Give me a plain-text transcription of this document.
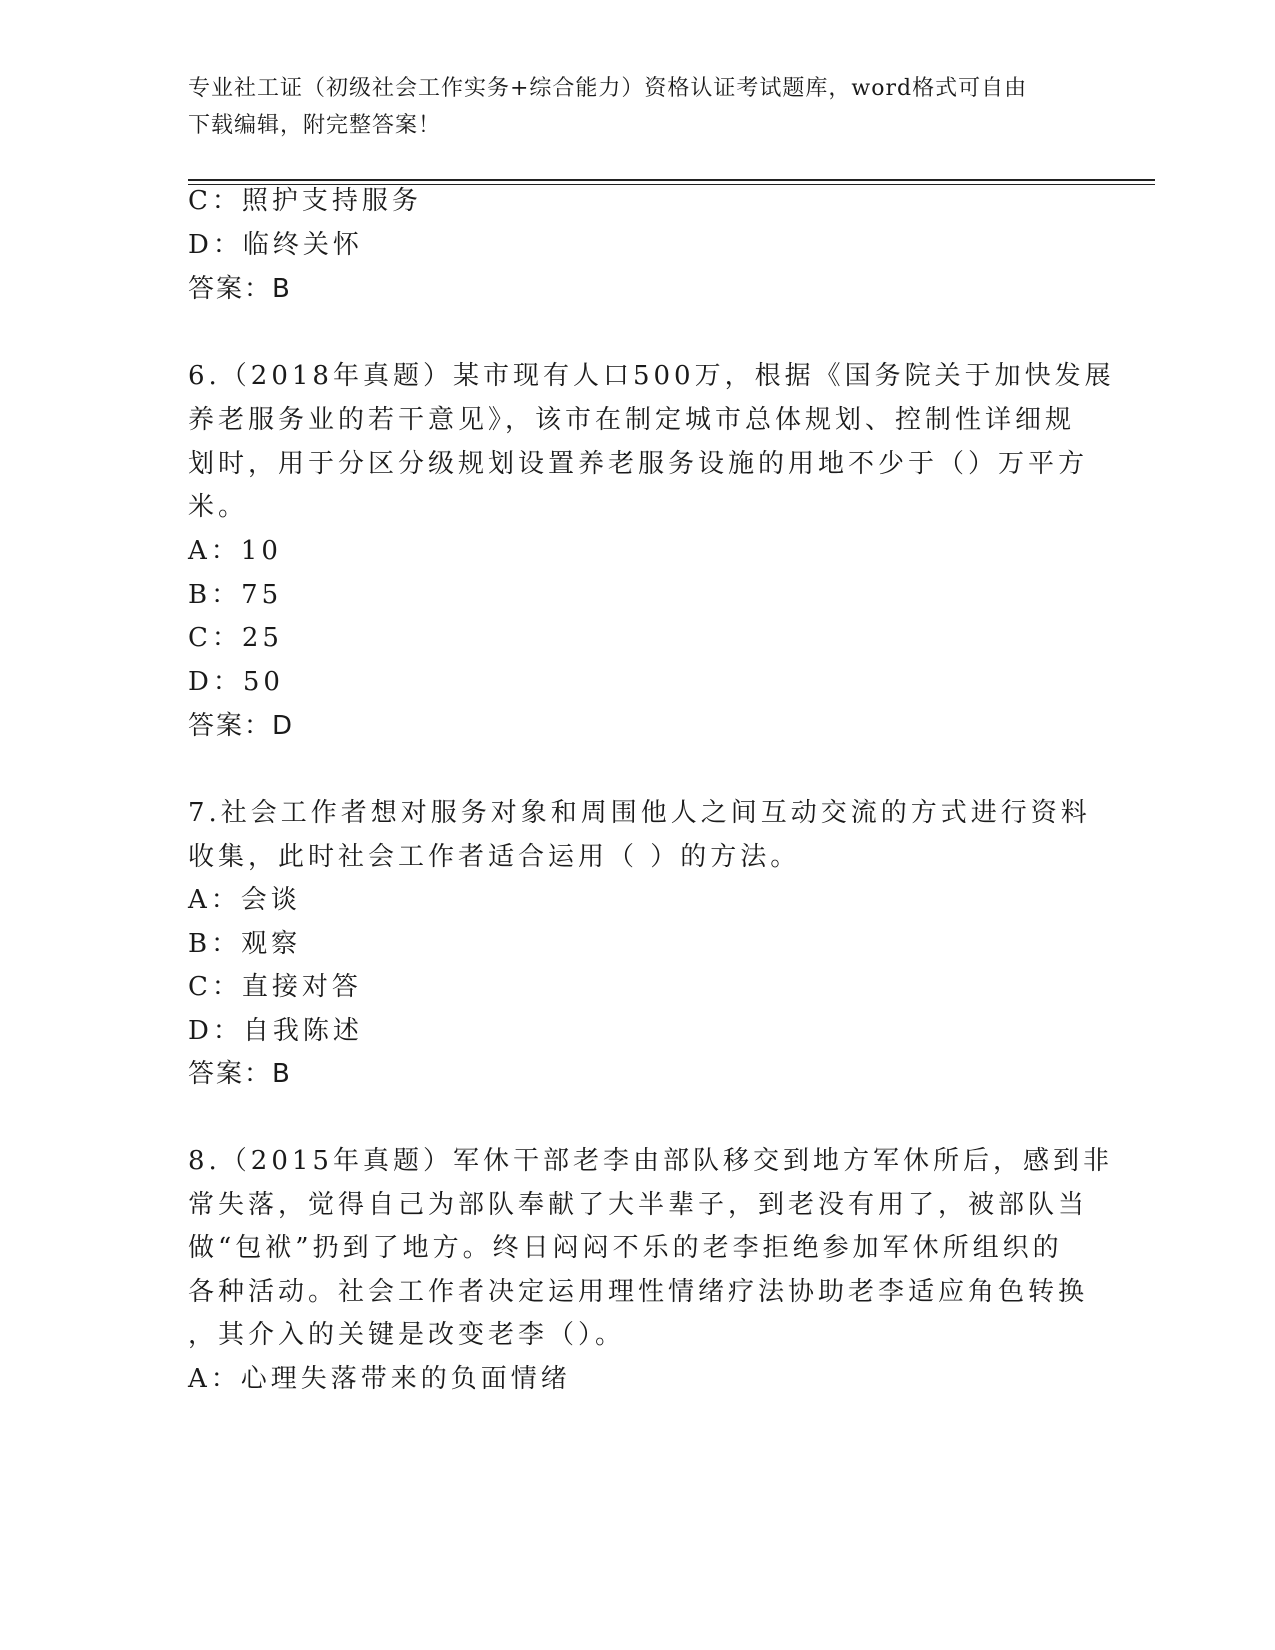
专业社工证（初级社会工作实务+综合能力）资格认证考试题库，word格式可自由
下载编辑，附完整答案！
C：照护支持服务
D：临终关怀
答案：B
6.（2018年真题）某市现有人口500万，根据《国务院关于加快发展
养老服务业的若干意见》，该市在制定城市总体规划、控制性详细规
划时，用于分区分级规划设置养老服务设施的用地不少于（）万平方
米。
A：10
B：75
C：25
D：50
答案：D
7.社会工作者想对服务对象和周围他人之间互动交流的方式进行资料
收集，此时社会工作者适合运用（ ）的方法。
A：会谈
B：观察
C：直接对答
D：自我陈述
答案：B
8.（2015年真题）军休干部老李由部队移交到地方军休所后，感到非
常失落，觉得自己为部队奉献了大半辈子，到老没有用了，被部队当
做“包袱”扔到了地方。终日闷闷不乐的老李拒绝参加军休所组织的
各种活动。社会工作者决定运用理性情绪疗法协助老李适应角色转换
，其介入的关键是改变老李（）。
A：心理失落带来的负面情绪
